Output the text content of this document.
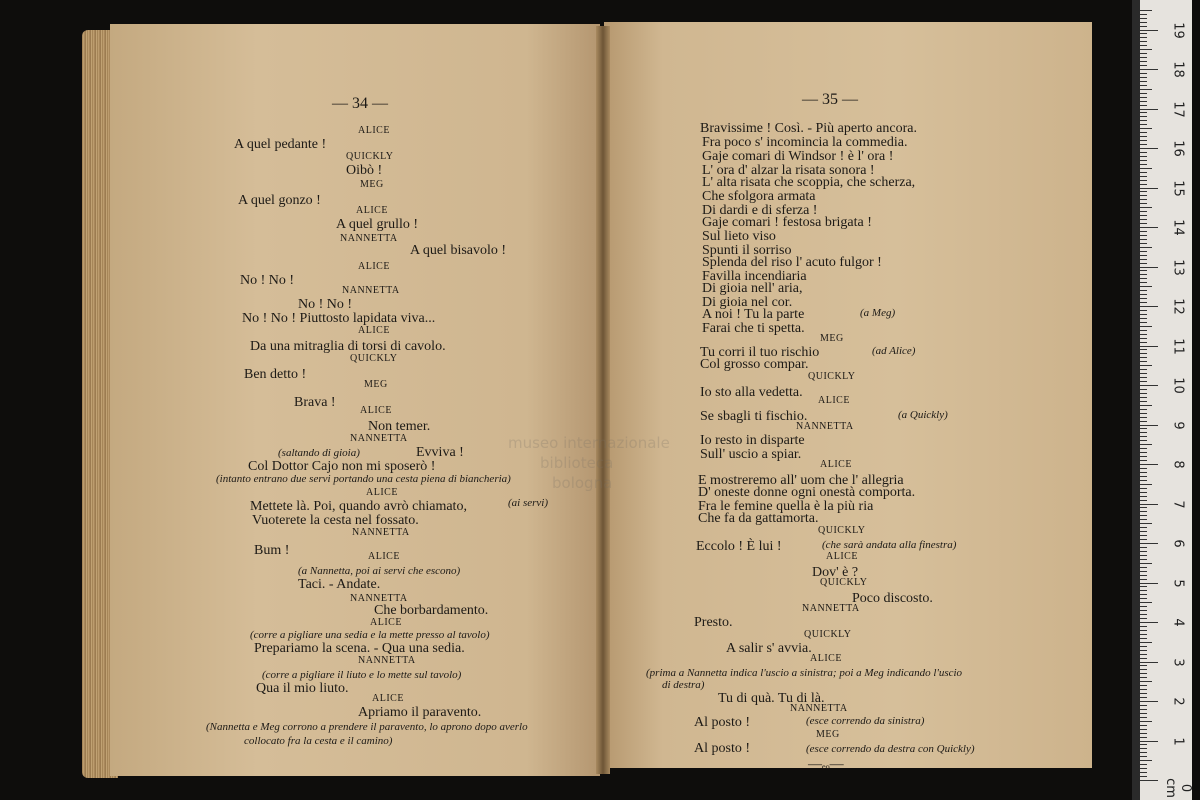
— 34 —	— 35 —
ALICE
A quel pedante !
QUICKLY
Oibò !
MEG
A quel gonzo !
ALICE
A quel grullo !
NANNETTA
A quel bisavolo !
ALICE
No ! No !
NANNETTA
No ! No !
No ! No ! Piuttosto lapidata viva...
ALICE
Da una mitraglia di torsi di cavolo.
QUICKLY
Ben detto !
MEG
Brava !
ALICE
Non temer.
NANNETTA
(saltando di gioia)	Evviva !
Col Dottor Cajo non mi sposerò !
(intanto entrano due servi portando una cesta piena di biancheria)
ALICE
Mettete là. Poi, quando avrò chiamato,	(ai servi)
Vuoterete la cesta nel fossato.
NANNETTA
Bum !	ALICE
(a Nannetta, poi ai servi che escono)
Taci. - Andate.
NANNETTA
Che borbardamento.
ALICE
(corre a pigliare una sedia e la mette presso al tavolo)
Prepariamo la scena. - Qua una sedia.
NANNETTA
(corre a pigliare il liuto e lo mette sul tavolo)
Qua il mio liuto.
ALICE
Apriamo il paravento.
(Nannetta e Meg corrono a prendere il paravento, lo aprono dopo averlo
collocato fra la cesta e il camino)
Bravissime ! Così. - Più aperto ancora.
Fra poco s' incomincia la commedia.
Gaje comari di Windsor ! è l' ora !
L' ora d' alzar la risata sonora !
L' alta risata che scoppia, che scherza,
Che sfolgora armata
Di dardi e di sferza !
Gaje comari ! festosa brigata !
Sul lieto viso
Spunti il sorriso
Splenda del riso l' acuto fulgor !
Favilla incendiaria
Di gioia nell' aria,
Di gioia nel cor.
A noi ! Tu la parte	(a Meg)
Farai che ti spetta.
MEG
Tu corri il tuo rischio	(ad Alice)
Col grosso compar.
QUICKLY
Io sto alla vedetta.
ALICE
Se sbagli ti fischio.	(a Quickly)
NANNETTA
Io resto in disparte
Sull' uscio a spiar.
ALICE
E mostreremo all' uom che l' allegria
D' oneste donne ogni onestà comporta.
Fra le femine quella è la più ria
Che fa da gattamorta.
QUICKLY
Eccolo ! È lui !	(che sarà andata alla finestra)
ALICE
Dov' è ?
QUICKLY
Poco discosto.
NANNETTA
Presto.
QUICKLY
A salir s' avvia.
ALICE
(prima a Nannetta indica l'uscio a sinistra; poi a Meg indicando l'uscio
di destra)
Tu di quà. Tu di là.
NANNETTA
Al posto !	(esce correndo da sinistra)
MEG
Al posto !	(esce correndo da destra con Quickly)
—ₑₒ—
museo internazionale
biblioteca
bologna
0 cm
1
2
3
4
5
6
7
8
9
10
11
12
13
14
15
16
17
18
19
